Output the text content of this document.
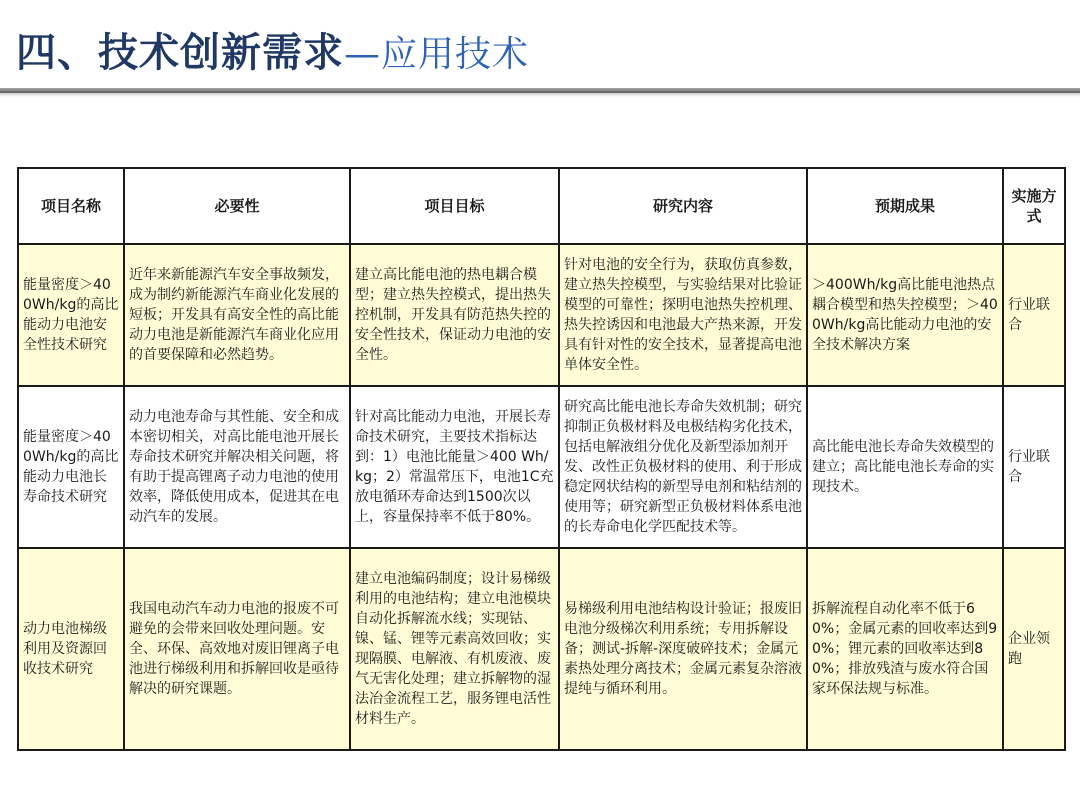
四、技术创新需求—应用技术
项目名称	必要性	项目目标	研究内容	预期成果	实施方式
能量密度＞400Wh/kg的高比能动力电池安全性技术研究	近年来新能源汽车安全事故频发，成为制约新能源汽车商业化发展的短板；开发具有高安全性的高比能动力电池是新能源汽车商业化应用的首要保障和必然趋势。	建立高比能电池的热电耦合模型；建立热失控模式，提出热失控机制，开发具有防范热失控的安全性技术，保证动力电池的安全性。	针对电池的安全行为，获取仿真参数，建立热失控模型，与实验结果对比验证模型的可靠性；探明电池热失控机理、热失控诱因和电池最大产热来源，开发具有针对性的安全技术，显著提高电池单体安全性。	＞400Wh/kg高比能电池热点耦合模型和热失控模型；＞400Wh/kg高比能动力电池的安全技术解决方案	行业联合
能量密度＞400Wh/kg的高比能动力电池长寿命技术研究	动力电池寿命与其性能、安全和成本密切相关，对高比能电池开展长寿命技术研究并解决相关问题，将有助于提高锂离子动力电池的使用效率，降低使用成本，促进其在电动汽车的发展。	针对高比能动力电池，开展长寿命技术研究，主要技术指标达到：1）电池比能量＞400 Wh/kg；2）常温常压下，电池1C充放电循环寿命达到1500次以上，容量保持率不低于80%。	研究高比能电池长寿命失效机制；研究抑制正负极材料及电极结构劣化技术，包括电解液组分优化及新型添加剂开发、改性正负极材料的使用、利于形成稳定网状结构的新型导电剂和粘结剂的使用等；研究新型正负极材料体系电池的长寿命电化学匹配技术等。	高比能电池长寿命失效模型的建立；高比能电池长寿命的实现技术。	行业联合
动力电池梯级利用及资源回收技术研究	我国电动汽车动力电池的报废不可避免的会带来回收处理问题。安全、环保、高效地对废旧锂离子电池进行梯级利用和拆解回收是亟待解决的研究课题。	建立电池编码制度；设计易梯级利用的电池结构；建立电池模块自动化拆解流水线；实现钴、镍、锰、锂等元素高效回收；实现隔膜、电解液、有机废液、废气无害化处理；建立拆解物的湿法冶金流程工艺，服务锂电活性材料生产。	易梯级利用电池结构设计验证；报废旧电池分级梯次利用系统；专用拆解设备；测试-拆解-深度破碎技术；金属元素热处理分离技术；金属元素复杂溶液提纯与循环利用。	拆解流程自动化率不低于60%；金属元素的回收率达到90%；锂元素的回收率达到80%；排放残渣与废水符合国家环保法规与标准。	企业领跑
